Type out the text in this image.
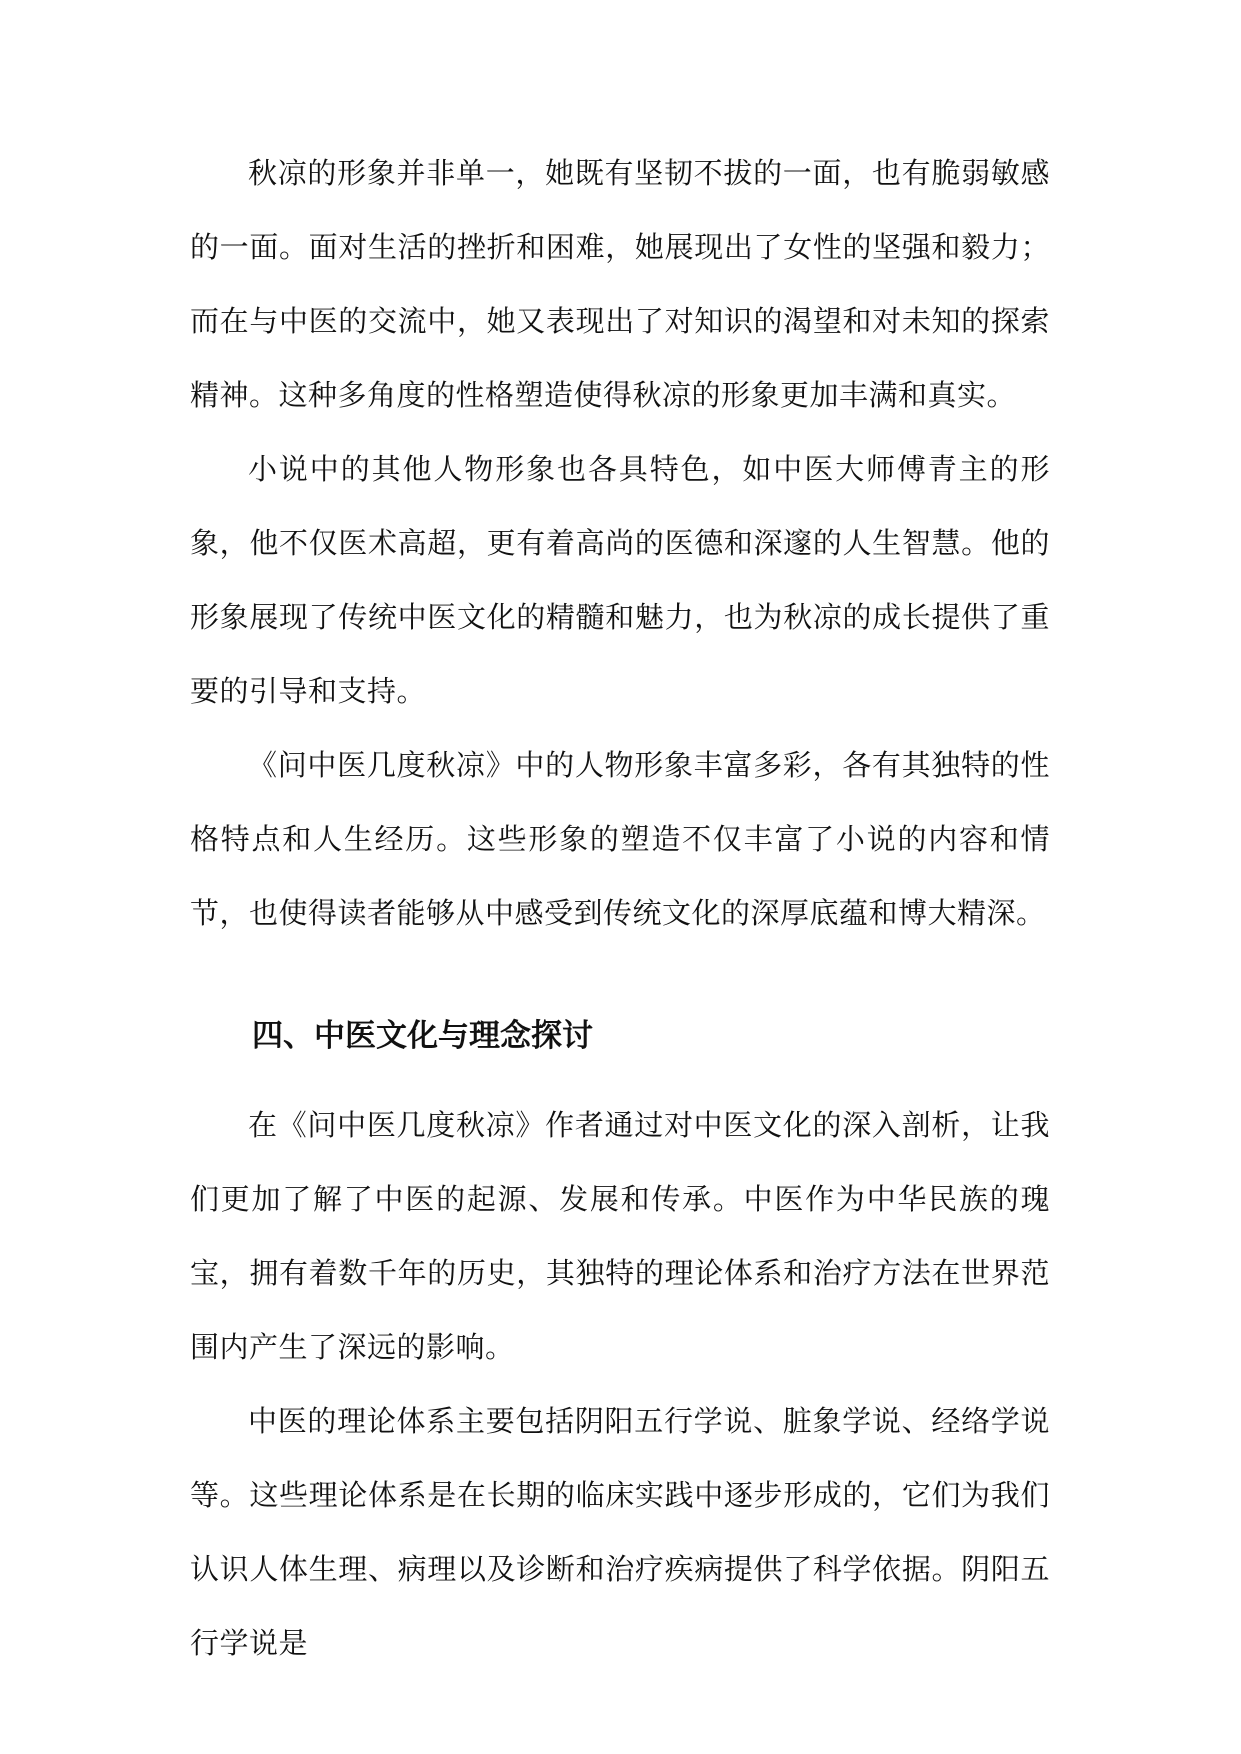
秋凉的形象并非单一，她既有坚韧不拔的一面，也有脆弱敏感的一面。面对生活的挫折和困难，她展现出了女性的坚强和毅力；而在与中医的交流中，她又表现出了对知识的渴望和对未知的探索精神。这种多角度的性格塑造使得秋凉的形象更加丰满和真实。

小说中的其他人物形象也各具特色，如中医大师傅青主的形象，他不仅医术高超，更有着高尚的医德和深邃的人生智慧。他的形象展现了传统中医文化的精髓和魅力，也为秋凉的成长提供了重要的引导和支持。

《问中医几度秋凉》中的人物形象丰富多彩，各有其独特的性格特点和人生经历。这些形象的塑造不仅丰富了小说的内容和情节，也使得读者能够从中感受到传统文化的深厚底蕴和博大精深。

四、中医文化与理念探讨

在《问中医几度秋凉》作者通过对中医文化的深入剖析，让我们更加了解了中医的起源、发展和传承。中医作为中华民族的瑰宝，拥有着数千年的历史，其独特的理论体系和治疗方法在世界范围内产生了深远的影响。

中医的理论体系主要包括阴阳五行学说、脏象学说、经络学说等。这些理论体系是在长期的临床实践中逐步形成的，它们为我们认识人体生理、病理以及诊断和治疗疾病提供了科学依据。阴阳五行学说是
